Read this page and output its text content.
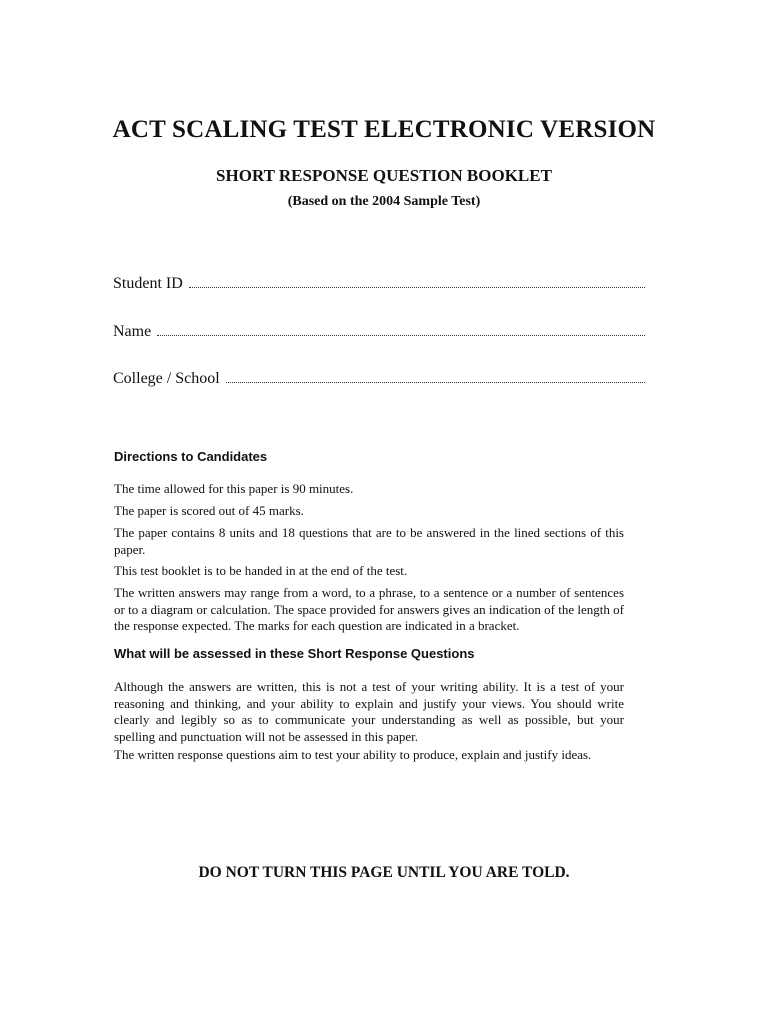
ACT SCALING TEST ELECTRONIC VERSION
SHORT RESPONSE QUESTION BOOKLET
(Based on the 2004 Sample Test)
Student ID
Name
College / School
Directions to Candidates

The time allowed for this paper is 90 minutes.

The paper is scored out of 45 marks.

The paper contains 8 units and 18 questions that are to be answered in the lined sections of this paper.

This test booklet is to be handed in at the end of the test.

The written answers may range from a word, to a phrase, to a sentence or a number of sentences or to a diagram or calculation. The space provided for answers gives an indication of the length of the response expected. The marks for each question are indicated in a bracket.

What will be assessed in these Short Response Questions

Although the answers are written, this is not a test of your writing ability. It is a test of your reasoning and thinking, and your ability to explain and justify your views. You should write clearly and legibly so as to communicate your understanding as well as possible, but your spelling and punctuation will not be assessed in this paper.

The written response questions aim to test your ability to produce, explain and justify ideas.

DO NOT TURN THIS PAGE UNTIL YOU ARE TOLD.
